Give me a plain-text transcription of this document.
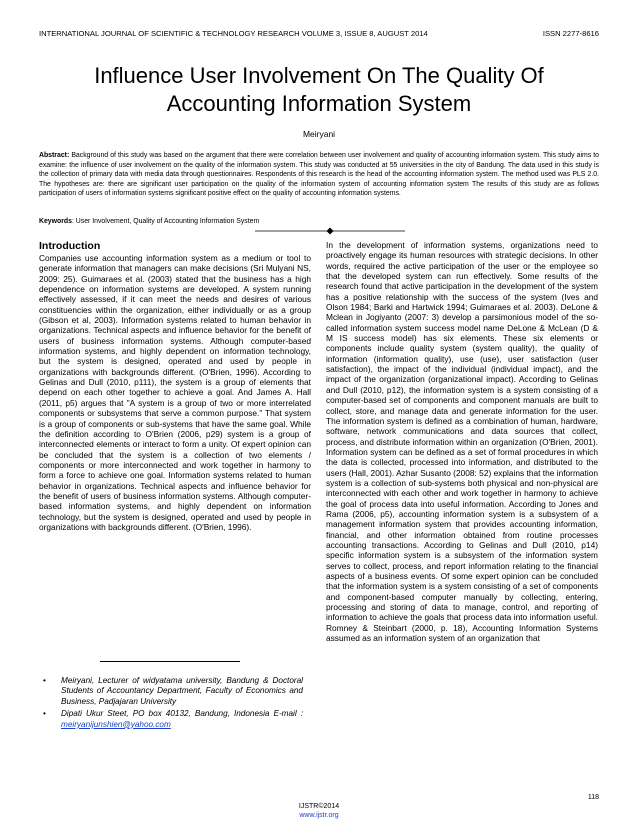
INTERNATIONAL JOURNAL OF SCIENTIFIC & TECHNOLOGY RESEARCH VOLUME 3, ISSUE 8, AUGUST 2014	ISSN 2277-8616
Influence User Involvement On The Quality Of
Accounting Information System
Meiryani

Abstract: Background of this study was based on the argument that there were correlation between user involvement and quality of accounting information system. This study aims to examine: the influence of user involvement on the quality of the information system. This study was conducted at 55 universities in the city of Bandung. The data used in this study is the collection of primary data with media data through questionnaires. Respondents of this research is the head of the accounting information system. The method used was PLS 2.0. The hypotheses are: there are significant user participation on the quality of the information system of accounting information system The results of this study are as follows participation of users of information systems significant positive effect on the quality of accounting information systems.

Keywords: User Involvement, Quality of Accounting Information System

Introduction

Companies use accounting information system as a medium or tool to generate information that managers can make decisions (Sri Mulyani NS, 2009: 25). Guimaraes et al. (2003) stated that the business has a high dependence on information systems are developed. A system running effectively assessed, if it can meet the needs and desires of various constituencies within the organization, either individually or as a group (Gibson et al, 2003). Information systems related to human behavior in organizations. Technical aspects and influence behavior for the benefit of users of business information systems. Although computer-based information systems, and highly dependent on information technology, but the system is designed, operated and used by people in organizations with backgrounds different. (O'Brien, 1996). According to Gelinas and Dull (2010, p111), the system is a group of elements that depend on each other together to achieve a goal. And James A. Hall (2011, p5) argues that "A system is a group of two or more interrelated components or subsystems that serve a common purpose." That system is a group of components or sub-systems that have the same goal. While the definition according to O'Brien (2006, p29) system is a group of interconnected elements or interact to form a unity. Of expert opinion can be concluded that the system is a collection of two elements / components or more interconnected and work together in harmony to form a force to achieve one goal. Information systems related to human behavior in organizations. Technical aspects and influence behavior for the benefit of users of business information systems. Although computer-based information systems, and highly dependent on information technology, but the system is designed, operated and used by people in organizations with backgrounds different. (O'Brien, 1996).

• Meiryani, Lecturer of widyatama university, Bandung & Doctoral Students of Accountancy Department, Faculty of Economics and Business, Padjajaran University
• Dipati Ukur Steet, PO box 40132, Bandung, Indonesia E-mail : meiryanijunshien@yahoo.com

In the development of information systems, organizations need to proactively engage its human resources with strategic decisions. In other words, required the active participation of the user or the employee so that the developed system can run effectively. Some results of the research found that active participation in the development of the system has a positive relationship with the success of the system (Ives and Olson 1984; Barki and Hartwick 1994; Guimaraes et al. 2003). DeLone & Mclean in Jogiyanto (2007: 3) develop a parsimonious model of the so-called information system success model name DeLone & McLean (D & M IS success model) has six elements. These six elements or components include quality system (system quality), the quality of information (information quality), use (use), user satisfaction (user satisfaction), the impact of the individual (individual impact), and the impact of the organization (organizational impact). According to Gelinas and Dull (2010, p12), the information system is a system consisting of a computer-based set of components and component manuals are built to collect, store, and manage data and generate information for the user. The information system is defined as a combination of human, hardware, software, network communications and data sources that collect, process, and distribute information within an organization (O'Brien, 2001). Information system can be defined as a set of formal procedures in which the data is collected, processed into information, and distributed to the users (Hall, 2001). Azhar Susanto (2008: 52) explains that the information system is a collection of sub-systems both physical and non-physical are interconnected with each other and work together in harmony to achieve the goal of process data into useful information. According to Jones and Rama (2006, p5), accounting information system is a subsystem of a management information system that provides accounting information, financial, and other information obtained from routine processes accounting transactions. According to Gelinas and Dull (2010, p14) specific information system is a subsystem of the information system serves to collect, process, and report information relating to the financial aspects of a business events. Of some expert opinion can be concluded that the information system is a system consisting of a set of components and component-based computer manually by collecting, entering, processing and storing of data to manage, control, and reporting of information to achieve the goals that process data into information useful. Romney & Steinbart (2000, p. 18), Accounting Information Systems assumed as an information system of an organization that

118
IJSTR©2014
www.ijstr.org
